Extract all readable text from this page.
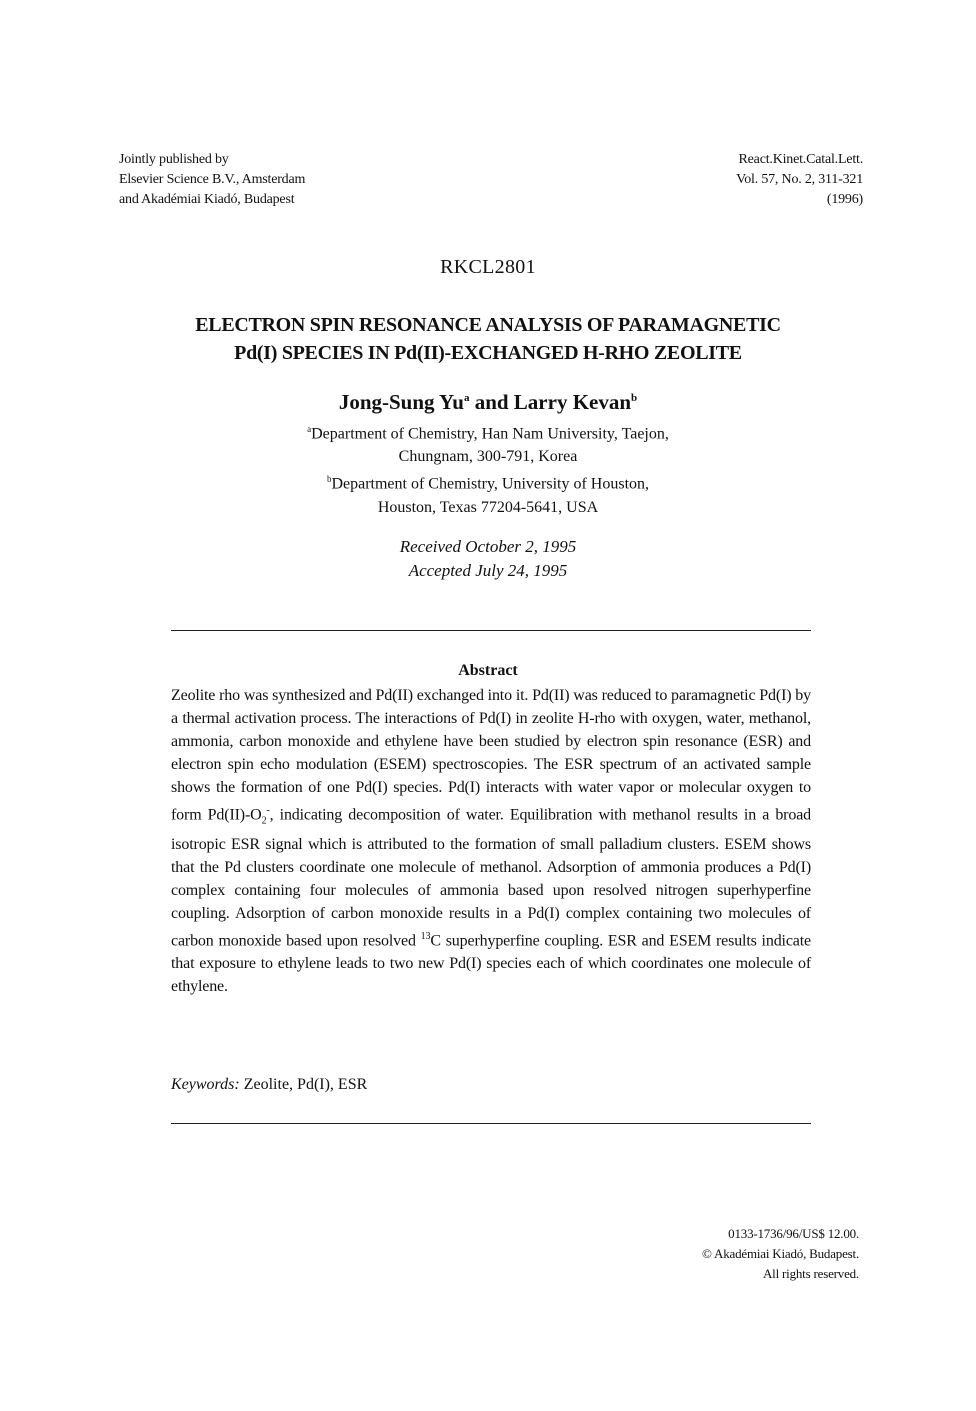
Jointly published by
Elsevier Science B.V., Amsterdam
and Akadémiai Kiadó, Budapest
React.Kinet.Catal.Lett.
Vol. 57, No. 2, 311-321
(1996)
RKCL2801
ELECTRON SPIN RESONANCE ANALYSIS OF PARAMAGNETIC
Pd(I) SPECIES IN Pd(II)-EXCHANGED H-RHO ZEOLITE
Jong-Sung Yu$^a$ and Larry Kevan$^b$
$^a$Department of Chemistry, Han Nam University, Taejon,
Chungnam, 300-791, Korea
$^b$Department of Chemistry, University of Houston,
Houston, Texas 77204-5641, USA
Received October 2, 1995
Accepted July 24, 1995
Abstract
Zeolite rho was synthesized and Pd(II) exchanged into it. Pd(II) was reduced to paramagnetic Pd(I) by a thermal activation process. The interactions of Pd(I) in zeolite H-rho with oxygen, water, methanol, ammonia, carbon monoxide and ethylene have been studied by electron spin resonance (ESR) and electron spin echo modulation (ESEM) spectroscopies. The ESR spectrum of an activated sample shows the formation of one Pd(I) species. Pd(I) interacts with water vapor or molecular oxygen to form $Pd(II)-O_2^-$, indicating decomposition of water. Equilibration with methanol results in a broad isotropic ESR signal which is attributed to the formation of small palladium clusters. ESEM shows that the Pd clusters coordinate one molecule of methanol. Adsorption of ammonia produces a Pd(I) complex containing four molecules of ammonia based upon resolved nitrogen superhyperfine coupling. Adsorption of carbon monoxide results in a Pd(I) complex containing two molecules of carbon monoxide based upon resolved $^{13}$C superhyperfine coupling. ESR and ESEM results indicate that exposure to ethylene leads to two new Pd(I) species each of which coordinates one molecule of ethylene.
Keywords: Zeolite, Pd(I), ESR
0133-1736/96/US$ 12.00.
© Akadémiai Kiadó, Budapest.
All rights reserved.
